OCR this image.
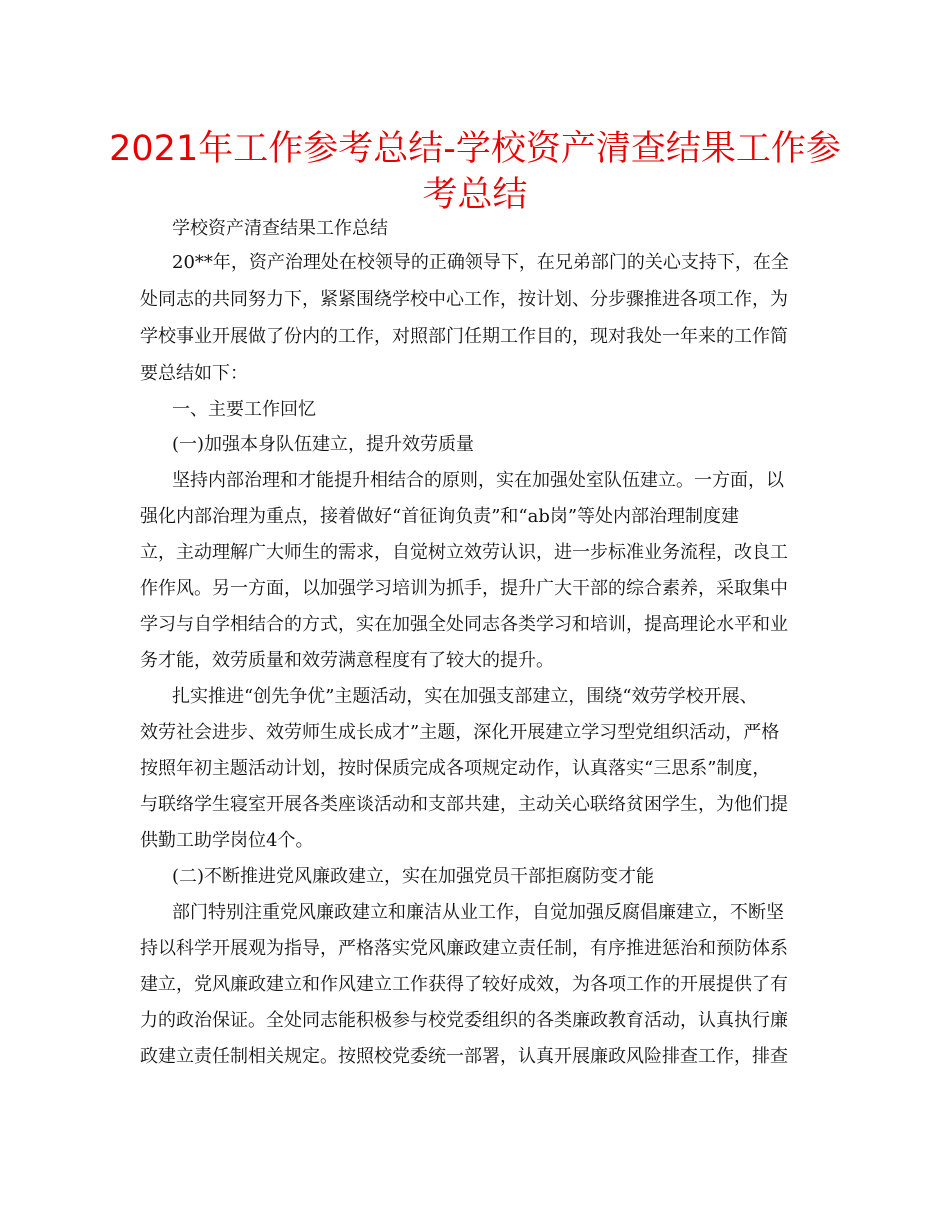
2021年工作参考总结-学校资产清查结果工作参
考总结
学校资产清查结果工作总结
20**年，资产治理处在校领导的正确领导下，在兄弟部门的关心支持下，在全
处同志的共同努力下，紧紧围绕学校中心工作，按计划、分步骤推进各项工作，为
学校事业开展做了份内的工作，对照部门任期工作目的，现对我处一年来的工作简
要总结如下：
一、主要工作回忆
(一)加强本身队伍建立，提升效劳质量
坚持内部治理和才能提升相结合的原则，实在加强处室队伍建立。一方面，以
强化内部治理为重点，接着做好“首征询负责”和“ab岗”等处内部治理制度建
立，主动理解广大师生的需求，自觉树立效劳认识，进一步标准业务流程，改良工
作作风。另一方面，以加强学习培训为抓手，提升广大干部的综合素养，采取集中
学习与自学相结合的方式，实在加强全处同志各类学习和培训，提高理论水平和业
务才能，效劳质量和效劳满意程度有了较大的提升。
扎实推进“创先争优”主题活动，实在加强支部建立，围绕“效劳学校开展、
效劳社会进步、效劳师生成长成才”主题，深化开展建立学习型党组织活动，严格
按照年初主题活动计划，按时保质完成各项规定动作，认真落实“三思系”制度，
与联络学生寝室开展各类座谈活动和支部共建，主动关心联络贫困学生，为他们提
供勤工助学岗位4个。
(二)不断推进党风廉政建立，实在加强党员干部拒腐防变才能
部门特别注重党风廉政建立和廉洁从业工作，自觉加强反腐倡廉建立，不断坚
持以科学开展观为指导，严格落实党风廉政建立责任制，有序推进惩治和预防体系
建立，党风廉政建立和作风建立工作获得了较好成效，为各项工作的开展提供了有
力的政治保证。全处同志能积极参与校党委组织的各类廉政教育活动，认真执行廉
政建立责任制相关规定。按照校党委统一部署，认真开展廉政风险排查工作，排查
